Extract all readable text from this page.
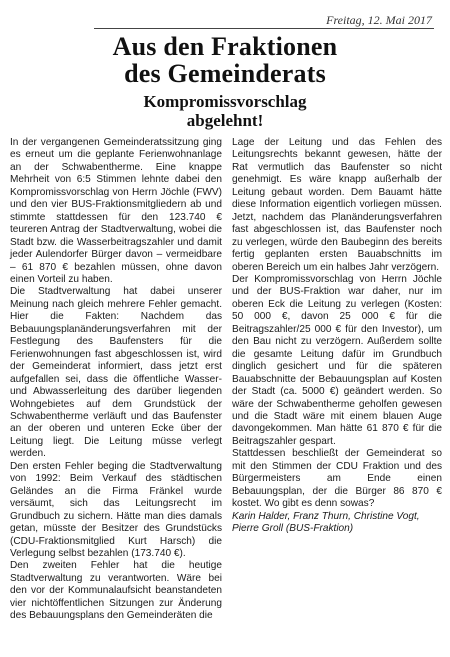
Freitag, 12. Mai 2017
Aus den Fraktionen
des Gemeinderats
Kompromissvorschlag
abgelehnt!

In der vergangenen Gemeinderatssitzung ging es erneut um die geplante Ferienwohnanlage an der Schwabentherme. Eine knappe Mehrheit von 6:5 Stimmen lehnte dabei den Kompromissvorschlag von Herrn Jöchle (FWV) und den vier BUS-Fraktionsmitgliedern ab und stimmte stattdessen für den 123.740 € teureren Antrag der Stadtverwaltung, wobei die Stadt bzw. die Wasserbeitragszahler und damit jeder Aulendorfer Bürger davon – vermeidbare – 61 870 € bezahlen müssen, ohne davon einen Vorteil zu haben.

Die Stadtverwaltung hat dabei unserer Meinung nach gleich mehrere Fehler gemacht. Hier die Fakten: Nachdem das Bebauungsplanänderungsverfahren mit der Festlegung des Baufensters für die Ferienwohnungen fast abgeschlossen ist, wird der Gemeinderat informiert, dass jetzt erst aufgefallen sei, dass die öffentliche Wasser- und Abwasserleitung des darüber liegenden Wohngebietes auf dem Grundstück der Schwabentherme verläuft und das Baufenster an der oberen und unteren Ecke über der Leitung liegt. Die Leitung müsse verlegt werden.

Den ersten Fehler beging die Stadtverwaltung von 1992: Beim Verkauf des städtischen Geländes an die Firma Fränkel wurde versäumt, sich das Leitungsrecht im Grundbuch zu sichern. Hätte man dies damals getan, müsste der Besitzer des Grundstücks (CDU-Fraktionsmitglied Kurt Harsch) die Verlegung selbst bezahlen (173.740 €).

Den zweiten Fehler hat die heutige Stadtverwaltung zu verantworten. Wäre bei den vor der Kommunalaufsicht beanstandeten vier nichtöffentlichen Sitzungen zur Änderung des Bebauungsplans den Gemeinderäten die

Lage der Leitung und das Fehlen des Leitungsrechts bekannt gewesen, hätte der Rat vermutlich das Baufenster so nicht genehmigt. Es wäre knapp außerhalb der Leitung gebaut worden. Dem Bauamt hätte diese Information eigentlich vorliegen müssen. Jetzt, nachdem das Planänderungsverfahren fast abgeschlossen ist, das Baufenster noch zu verlegen, würde den Baubeginn des bereits fertig geplanten ersten Bauabschnitts im oberen Bereich um ein halbes Jahr verzögern.

Der Kompromissvorschlag von Herrn Jöchle und der BUS-Fraktion war daher, nur im oberen Eck die Leitung zu verlegen (Kosten: 50 000 €, davon 25 000 € für die Beitragszahler/25 000 € für den Investor), um den Bau nicht zu verzögern. Außerdem sollte die gesamte Leitung dafür im Grundbuch dinglich gesichert und für die späteren Bauabschnitte der Bebauungsplan auf Kosten der Stadt (ca. 5000 €) geändert werden. So wäre der Schwabentherme geholfen gewesen und die Stadt wäre mit einem blauen Auge davongekommen. Man hätte 61 870 € für die Beitragszahler gespart.

Stattdessen beschließt der Gemeinderat so mit den Stimmen der CDU Fraktion und des Bürgermeisters am Ende einen Bebauungsplan, der die Bürger 86 870 € kostet. Wo gibt es denn sowas?

Karin Halder, Franz Thurn, Christine Vogt,
Pierre Groll (BUS-Fraktion)
